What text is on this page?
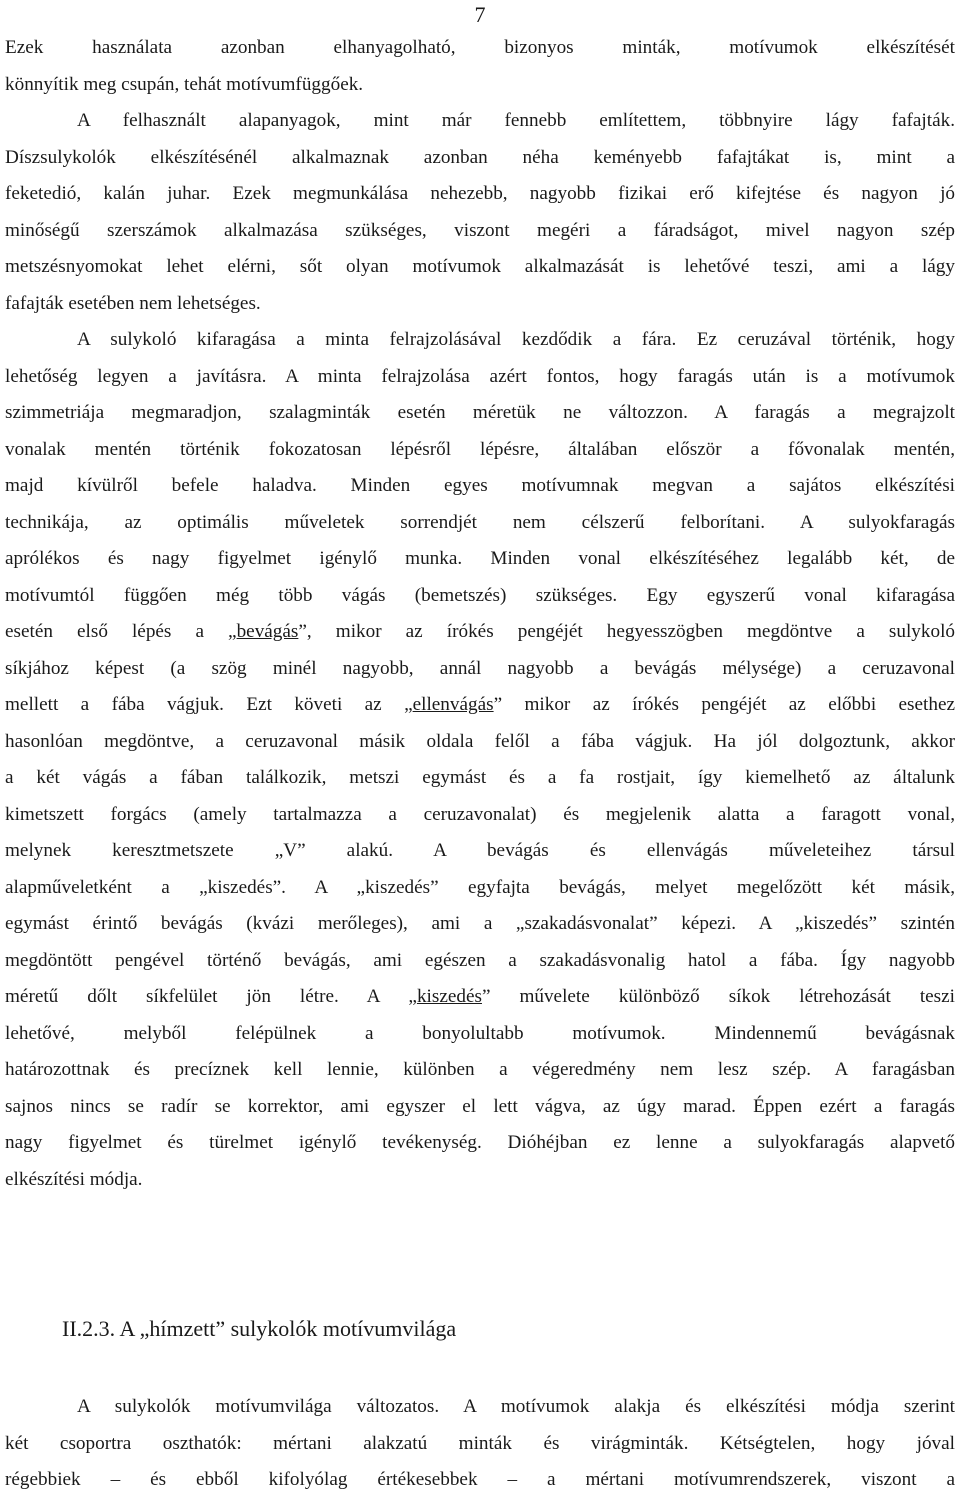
7
Ezek használata azonban elhanyagolható, bizonyos minták, motívumok elkészítését
könnyítik meg csupán, tehát motívumfüggőek.
A felhasznált alapanyagok, mint már fennebb említettem, többnyire lágy fafajták.
Díszsulykolók elkészítésénél alkalmaznak azonban néha keményebb fafajtákat is, mint a
feketedió, kalán juhar. Ezek megmunkálása nehezebb, nagyobb fizikai erő kifejtése és nagyon jó
minőségű szerszámok alkalmazása szükséges, viszont megéri a fáradságot, mivel nagyon szép
metszésnyomokat lehet elérni, sőt olyan motívumok alkalmazását is lehetővé teszi, ami a lágy
fafajták esetében nem lehetséges.
A sulykoló kifaragása a minta felrajzolásával kezdődik a fára. Ez ceruzával történik, hogy
lehetőség legyen a javításra. A minta felrajzolása azért fontos, hogy faragás után is a motívumok
szimmetriája megmaradjon, szalagminták esetén méretük ne változzon. A faragás a megrajzolt
vonalak mentén történik fokozatosan lépésről lépésre, általában először a fővonalak mentén,
majd kívülről befele haladva. Minden egyes motívumnak megvan a sajátos elkészítési
technikája, az optimális műveletek sorrendjét nem célszerű felborítani. A sulyokfaragás
aprólékos és nagy figyelmet igénylő munka. Minden vonal elkészítéséhez legalább két, de
motívumtól függően még több vágás (bemetszés) szükséges. Egy egyszerű vonal kifaragása
esetén első lépés a „bevágás”, mikor az írókés pengéjét hegyesszögben megdöntve a sulykoló
síkjához képest (a szög minél nagyobb, annál nagyobb a bevágás mélysége) a ceruzavonal
mellett a fába vágjuk. Ezt követi az „ellenvágás” mikor az írókés pengéjét az előbbi esethez
hasonlóan megdöntve, a ceruzavonal másik oldala felől a fába vágjuk. Ha jól dolgoztunk, akkor
a két vágás a fában találkozik, metszi egymást és a fa rostjait, így kiemelhető az általunk
kimetszett forgács (amely tartalmazza a ceruzavonalat) és megjelenik alatta a faragott vonal,
melynek keresztmetszete „V” alakú. A bevágás és ellenvágás műveleteihez társul
alapműveletként a „kiszedés”. A „kiszedés” egyfajta bevágás, melyet megelőzött két másik,
egymást érintő bevágás (kvázi merőleges), ami a „szakadásvonalat” képezi. A „kiszedés” szintén
megdöntött pengével történő bevágás, ami egészen a szakadásvonalig hatol a fába. Így nagyobb
méretű dőlt síkfelület jön létre. A „kiszedés” művelete különböző síkok létrehozását teszi
lehetővé, melyből felépülnek a bonyolultabb motívumok. Mindennemű bevágásnak
határozottnak és precíznek kell lennie, különben a végeredmény nem lesz szép. A faragásban
sajnos nincs se radír se korrektor, ami egyszer el lett vágva, az úgy marad. Éppen ezért a faragás
nagy figyelmet és türelmet igénylő tevékenység. Dióhéjban ez lenne a sulyokfaragás alapvető
elkészítési módja.
II.2.3. A „hímzett” sulykolók motívumvilága
A sulykolók motívumvilága változatos. A motívumok alakja és elkészítési módja szerint
két csoportra oszthatók: mértani alakzatú minták és virágminták. Kétségtelen, hogy jóval
régebbiek – és ebből kifolyólag értékesebbek – a mértani motívumrendszerek, viszont a
